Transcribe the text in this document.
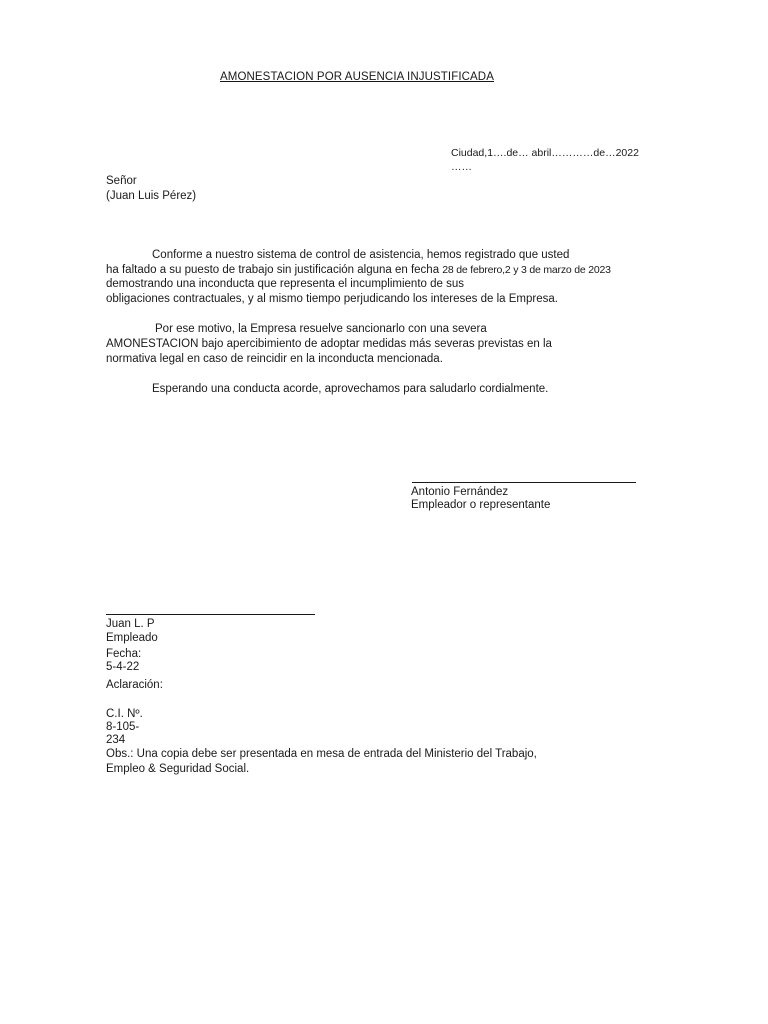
AMONESTACION POR AUSENCIA INJUSTIFICADA
Ciudad,1….de… abril…………de…2022
……
Señor
(Juan Luis Pérez)
Conforme a nuestro sistema de control de asistencia, hemos registrado que usted
ha faltado a su puesto de trabajo sin justificación alguna en fecha 28 de febrero,2 y 3 de marzo de 2023
demostrando una inconducta que representa el incumplimiento de sus
obligaciones contractuales, y al mismo tiempo perjudicando los intereses de la Empresa.
Por ese motivo, la Empresa resuelve sancionarlo con una severa
AMONESTACION bajo apercibimiento de adoptar medidas más severas previstas en la
normativa legal en caso de reincidir en la inconducta mencionada.
Esperando una conducta acorde, aprovechamos para saludarlo cordialmente.
Antonio Fernández
Empleador o representante
Juan L. P
Empleado
Fecha:
5-4-22
Aclaración:
C.I. Nº.
8-105-
234
Obs.: Una copia debe ser presentada en mesa de entrada del Ministerio del Trabajo,
Empleo & Seguridad Social.
